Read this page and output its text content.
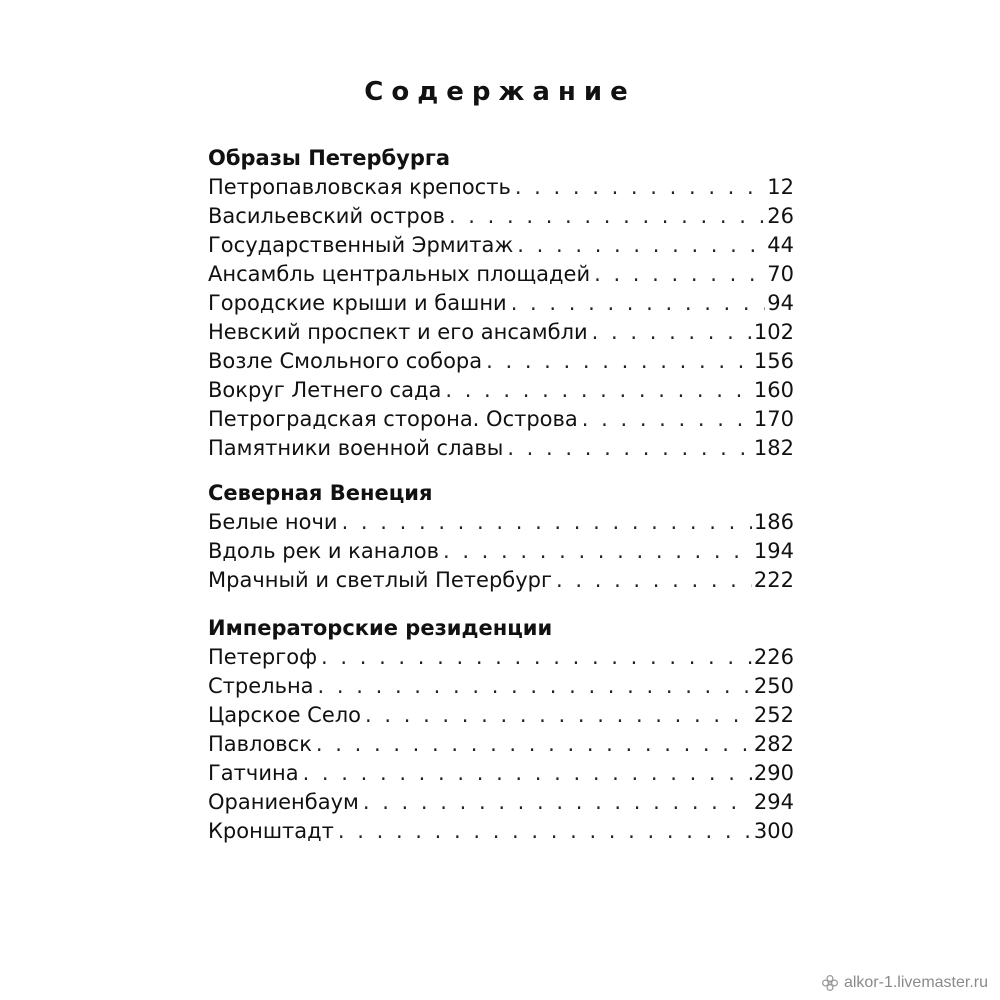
Содержание
Образы Петербурга
Петропавловская крепость . . .	12
Васильевский остров . . .	26
Государственный Эрмитаж . . .	44
Ансамбль центральных площадей . . .	70
Городские крыши и башни . . .	94
Невский проспект и его ансамбли . . .	102
Возле Смольного собора . . .	156
Вокруг Летнего сада . . .	160
Петроградская сторона. Острова . . .	170
Памятники военной славы . . .	182
Северная Венеция
Белые ночи . . .	186
Вдоль рек и каналов . . .	194
Мрачный и светлый Петербург . . .	222
Императорские резиденции
Петергоф . . .	226
Стрельна . . .	250
Царское Село . . .	252
Павловск . . .	282
Гатчина . . .	290
Ораниенбаум . . .	294
Кронштадт . . .	300
alkor-1.livemaster.ru
